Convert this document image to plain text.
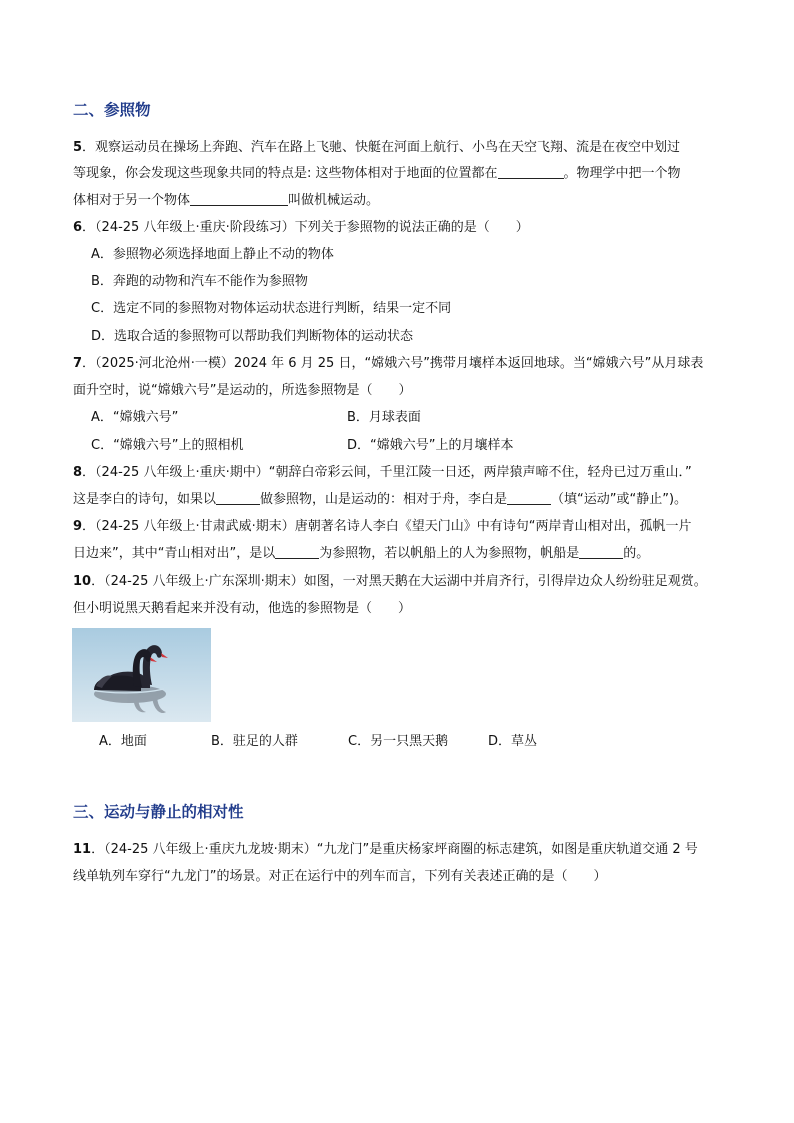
二、参照物
5．观察运动员在操场上奔跑、汽车在路上飞驰、快艇在河面上航行、小鸟在天空飞翔、流是在夜空中划过
等现象，你会发现这些现象共同的特点是: 这些物体相对于地面的位置都在	。物理学中把一个物
体相对于另一个物体	叫做机械运动。
6．（24-25 八年级上·重庆·阶段练习）下列关于参照物的说法正确的是（　　）
A．参照物必须选择地面上静止不动的物体
B．奔跑的动物和汽车不能作为参照物
C．选定不同的参照物对物体运动状态进行判断，结果一定不同
D．选取合适的参照物可以帮助我们判断物体的运动状态
7．（2025·河北沧州·一模）2024 年 6 月 25 日，“嫦娥六号”携带月壤样本返回地球。当“嫦娥六号”从月球表
面升空时，说“嫦娥六号”是运动的，所选参照物是（　　）
A．“嫦娥六号”	B．月球表面
C．“嫦娥六号”上的照相机	D．“嫦娥六号”上的月壤样本
8．（24-25 八年级上·重庆·期中）“朝辞白帝彩云间，千里江陵一日还，两岸猿声啼不住，轻舟已过万重山．”
这是李白的诗句，如果以	做参照物，山是运动的：相对于舟，李白是	（填“运动”或“静止”)。
9．（24-25 八年级上·甘肃武威·期末）唐朝著名诗人李白《望天门山》中有诗句“两岸青山相对出，孤帆一片
日边来”，其中“青山相对出”，是以	为参照物，若以帆船上的人为参照物，帆船是	的。
10．（24-25 八年级上·广东深圳·期末）如图，一对黑天鹅在大运湖中并肩齐行，引得岸边众人纷纷驻足观赏。
但小明说黑天鹅看起来并没有动，他选的参照物是（　　）
A．地面	B．驻足的人群	C．另一只黑天鹅	D．草丛
三、运动与静止的相对性
11．（24-25 八年级上·重庆九龙坡·期末）“九龙门”是重庆杨家坪商圈的标志建筑，如图是重庆轨道交通 2 号
线单轨列车穿行“九龙门”的场景。对正在运行中的列车而言，下列有关表述正确的是（　　）
